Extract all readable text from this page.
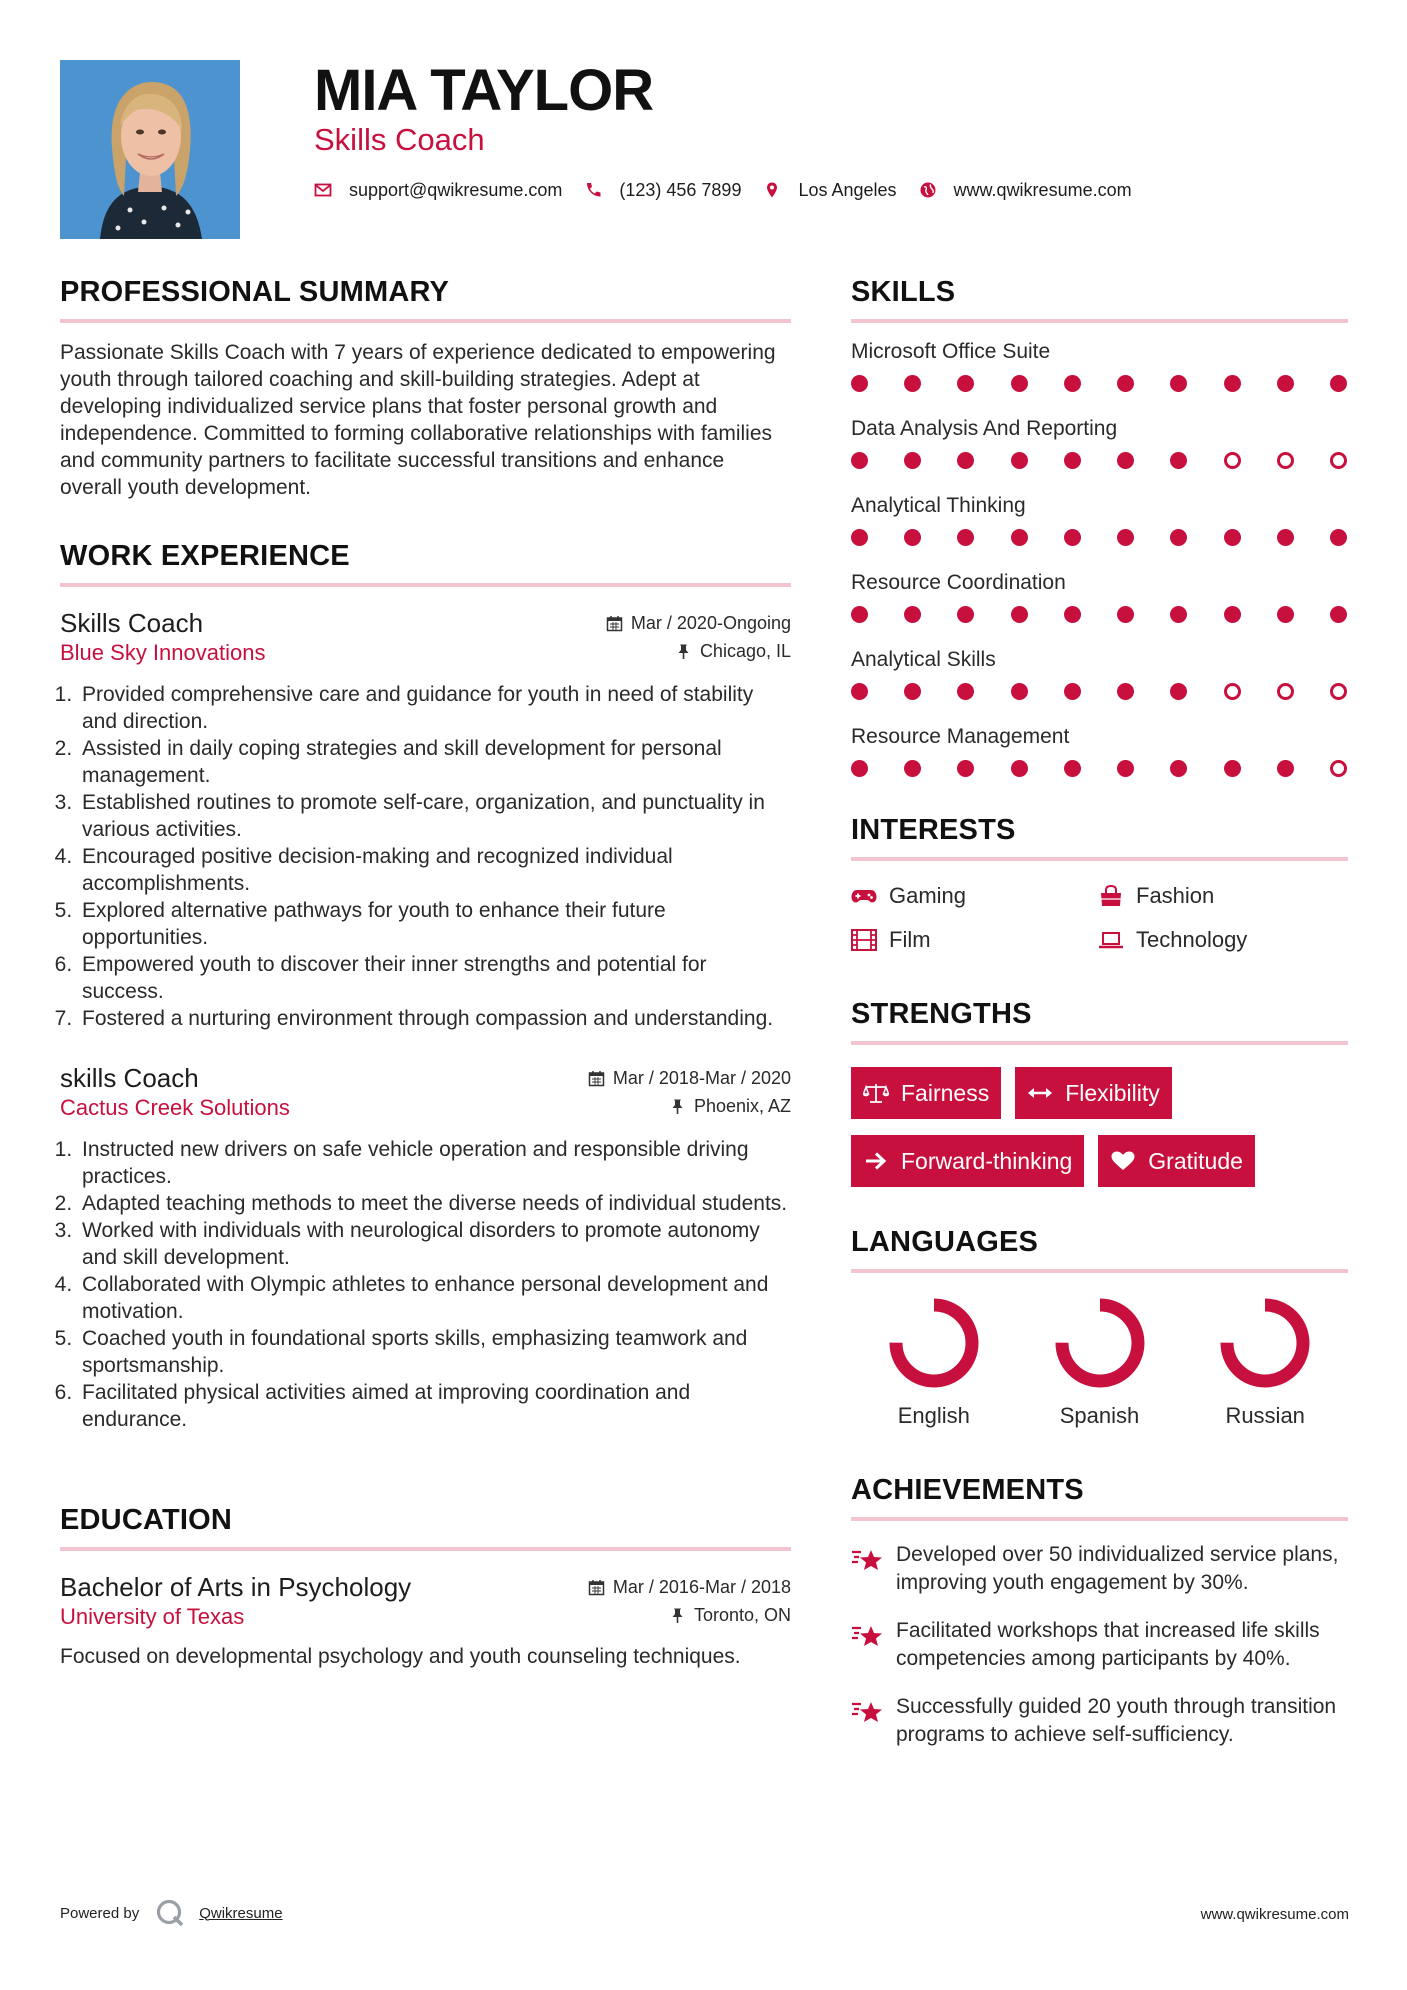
MIA TAYLOR
Skills Coach
support@qwikresume.com	(123) 456 7899	Los Angeles	www.qwikresume.com
PROFESSIONAL SUMMARY

Passionate Skills Coach with 7 years of experience dedicated to empowering youth through tailored coaching and skill-building strategies. Adept at developing individualized service plans that foster personal growth and independence. Committed to forming collaborative relationships with families and community partners to facilitate successful transitions and enhance overall youth development.

WORK EXPERIENCE
Skills Coach	Mar / 2020-Ongoing
Blue Sky Innovations	Chicago, IL
1. Provided comprehensive care and guidance for youth in need of stability and direction.
2. Assisted in daily coping strategies and skill development for personal management.
3. Established routines to promote self-care, organization, and punctuality in various activities.
4. Encouraged positive decision-making and recognized individual accomplishments.
5. Explored alternative pathways for youth to enhance their future opportunities.
6. Empowered youth to discover their inner strengths and potential for success.
7. Fostered a nurturing environment through compassion and understanding.
skills Coach	Mar / 2018-Mar / 2020
Cactus Creek Solutions	Phoenix, AZ
1. Instructed new drivers on safe vehicle operation and responsible driving practices.
2. Adapted teaching methods to meet the diverse needs of individual students.
3. Worked with individuals with neurological disorders to promote autonomy and skill development.
4. Collaborated with Olympic athletes to enhance personal development and motivation.
5. Coached youth in foundational sports skills, emphasizing teamwork and sportsmanship.
6. Facilitated physical activities aimed at improving coordination and endurance.
EDUCATION
Bachelor of Arts in Psychology	Mar / 2016-Mar / 2018
University of Texas	Toronto, ON

Focused on developmental psychology and youth counseling techniques.

SKILLS
Microsoft Office Suite
Data Analysis And Reporting
Analytical Thinking
Resource Coordination
Analytical Skills
Resource Management
INTERESTS
Gaming	Fashion
Film	Technology
STRENGTHS
Fairness	Flexibility
Forward-thinking	Gratitude
LANGUAGES
English	Spanish	Russian
ACHIEVEMENTS
Developed over 50 individualized service plans, improving youth engagement by 30%.
Facilitated workshops that increased life skills competencies among participants by 40%.
Successfully guided 20 youth through transition programs to achieve self-sufficiency.
Powered by	Qwikresume	www.qwikresume.com
